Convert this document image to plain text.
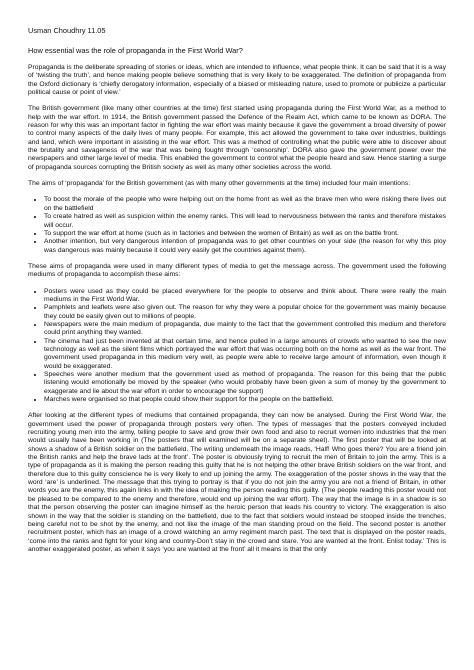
Usman Choudhry 11.05
How essential was the role of propaganda in the First World War?

Propaganda is the deliberate spreading of stories or ideas, which are intended to influence, what people think. It can be said that it is a way of ‘twisting the truth’, and hence making people believe something that is very likely to be exaggerated. The definition of propaganda from the Oxford dictionary is ‘chiefly derogatory information, especially of a biased or misleading nature, used to promote or publicize a particular political cause or point of view.’

The British government (like many other countries at the time) first started using propaganda during the First World War, as a method to help with the war effort. In 1914, the British government passed the Defence of the Realm Act, which came to be known as DORA. The reason for why this was an important factor in fighting the war effort was mainly because it gave the government a broad diversity of power to control many aspects of the daily lives of many people. For example, this act allowed the government to take over industries, buildings and land, which were important in assisting in the war effort. This was a method of controlling what the public were able to discover about the brutality and savageness of the war that was being fought through ‘censorship’. DORA also gave the government power over the newspapers and other large level of media. This enabled the government to control what the people heard and saw. Hence starting a surge of propaganda sources corrupting the British society as well as many other societies across the world.

The aims of ‘propaganda’ for the British government (as with many other governments at the time) included four main intentions:

• To boost the morale of the people who were helping out on the home front as well as the brave men who were risking there lives out on the battlefield
• To create hatred as well as suspicion within the enemy ranks. This will lead to nervousness between the ranks and therefore mistakes will occur.
• To support the war effort at home (such as in factories and between the women of Britain) as well as on the battle front.
• Another intention, but very dangerous intention of propaganda was to get other countries on your side (the reason for why this ploy was dangerous was mainly because it could very easily get the countries against them).

These aims of propaganda were used in many different types of media to get the message across. The government used the following mediums of propaganda to accomplish these aims:

• Posters were used as they could be placed everywhere for the people to observe and think about. There were really the main mediums in the First World War.
• Pamphlets and leaflets were also given out. The reason for why they were a popular choice for the government was mainly because they could be easily given out to millions of people.
• Newspapers were the main medium of propaganda, due mainly to the fact that the government controlled this medium and therefore could print anything they wanted.
• The cinema had just been invented at that certain time, and hence pulled in a large amounts of crowds who wanted to see the new technology as well as the silent films which portrayed the war effort that was occurring both on the home as well as the war front. The government used propaganda in this medium very well, as people were able to receive large amount of information, even though it would be exaggerated.
• Speeches were another medium that the government used as method of propaganda. The reason for this being that the public listening would emotionally be moved by the speaker (who would probably have been given a sum of money by the government to exaggerate and lie about the war effort in order to encourage the support)
• Marches were organised so that people could show their support for the people on the battlefield.

After looking at the different types of mediums that contained propaganda, they can now be analysed. During the First World War, the government used the power of propaganda through posters very often. The types of messages that the posters conveyed included recruiting young men into the army, telling people to save and grow their own food and also to recruit women into industries that the men would usually have been working in (The posters that will examined will be on a separate sheet). The first poster that will be looked at shows a shadow of a British soldier on the battlefield. The writing underneath the image reads, ‘Half! Who goes there? You are a friend join the British ranks and help the brave lads at the front’. The poster is obviously trying to recruit the men of Britain to join the army. This is a type of propaganda as it is making the person reading this guilty that he is not helping the other brave British soldiers on the war front, and therefore due to this guilty conscience he is very likely to end up joining the army. The exaggeration of the poster shows in the way that the word ‘are’ is underlined. The message that this trying to portray is that if you do not join the army you are not a friend of Britain, in other words you are the enemy, this again links in with the idea of making the person reading this guilty. (The people reading this poster would not be pleased to be compared to the enemy and therefore, would end up joining the war effort). The way that the image is in a shadow is so that the person observing the poster can imagine himself as the heroic person that leads his country to victory. The exaggeration is also shown in the way that the soldier is standing on the battlefield, due to the fact that soldiers would instead be stooped inside the trenches, being careful not to be shot by the enemy, and not like the image of the man standing proud on the field. The second poster is another recruitment poster, which has an image of a crowd watching an army regiment march past. The text that is displayed on the poster reads, ‘come into the ranks and fight for your king and country-Don’t stay in the crowd and stare. You are wanted at the front. Enlist today.’ This is another exaggerated poster, as when it says ‘you are wanted at the front’ all it means is that the only
